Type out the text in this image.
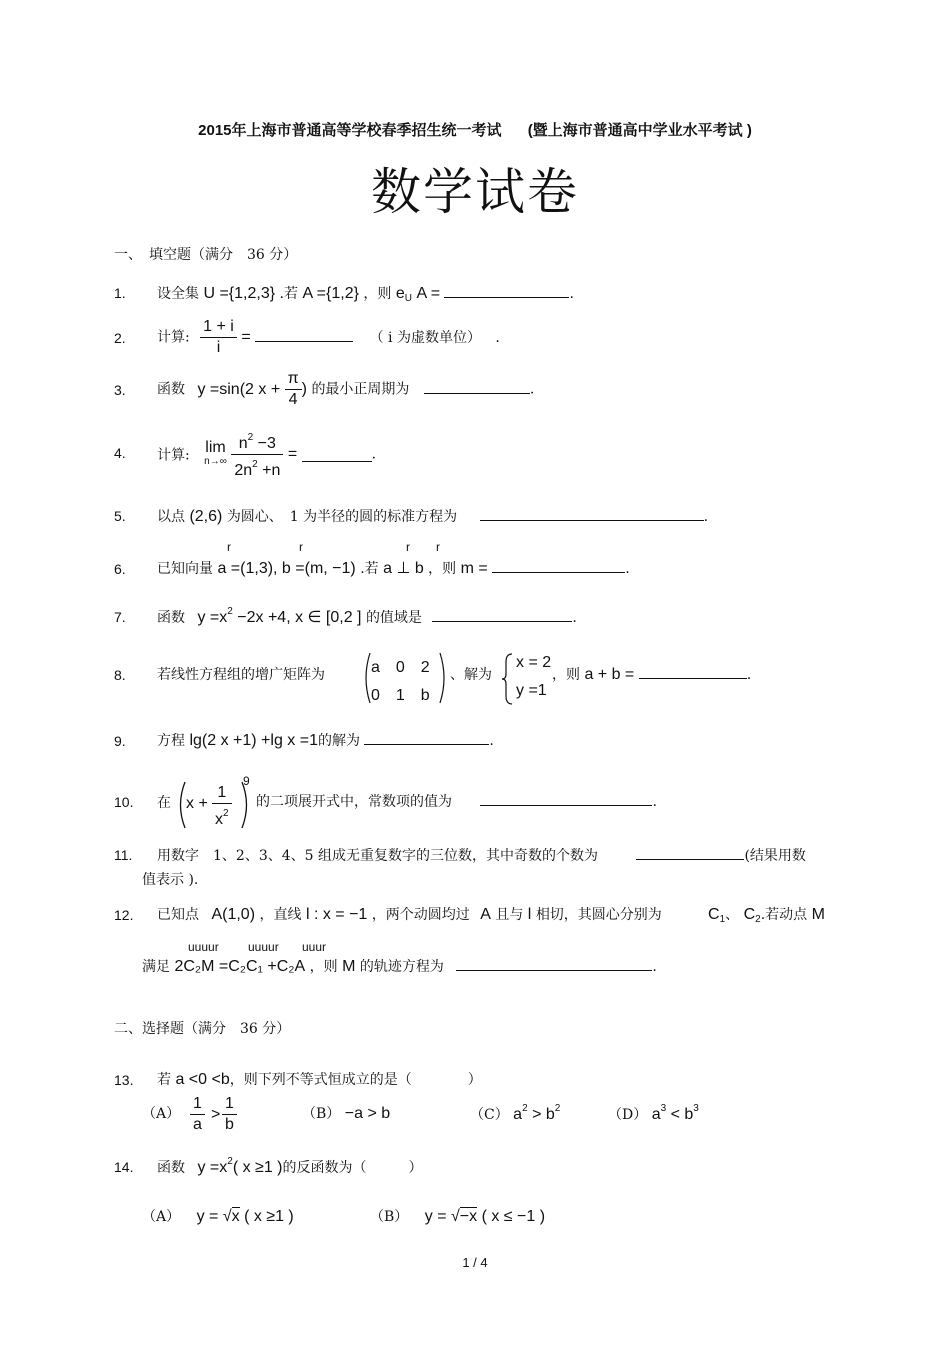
2015年上海市普通高等学校春季招生统一考试 (暨上海市普通高中学业水平考试 )
数学试卷
一、　填空题（满分　36 分）
1. 设全集 U ={1,2,3} .若 A ={1,2} ，则 $e_U$ A =	.
2. 计算: $\frac{1 + i}{i}$ =	（ i 为虚数单位） .
3. 函数 y =sin(2 $x + \frac{\pi}{4}$ ) 的最小正周期为	.
4. 计算: lim
n→∞
$\frac{n^2 -3}{2n^2 +n}$ =	.
5. 以点 (2,6) 为圆心、　1 为半径的圆的标准方程为	.
6.
r	r	r r
已知向量 a =(1,3), b =(m, −1) .若 a ⊥ b ，则 m =	.
7. 函数 $y =x^2 -2x +4$, x ∈ [0,2 ] 的值域是	.
8. 若线性方程组的增广矩阵为	a　0　2
0　1　b
、解为
x = 2
y =1
，则 a + b =	.
9. 方程 lg(2 x +1) +lg x =1的解为	.
10. 在 $x + \frac{1}{x^2}$
9
的二项展开式中，常数项的值为	.
11. 用数字　1、2、3、4、5 组成无重复数字的三位数，其中奇数的个数为	(结果用数
值表示 ).
12. 已知点 A(1,0) ，直线 l : x = −1 ，两个动圆均过 A 且与 l 相切，其圆心分别为	$C_1$、 $C_2$.若动点 M
uuuur uuuur uuur
满足 2C₂M =C₂C₁ +C₂A ，则 M 的轨迹方程为	.
二、选择题（满分　36 分）
13. 若 a <0 <b，则下列不等式恒成立的是（　　　　）
$(A) \frac{1}{a} > \frac{1}{b}$	（B） −a > b	（C） $a^2 > b^2$	（D） $a^3 < b^3$
14. 函数 $y =x^2$( x ≥1 )的反函数为（　　　）
（A） y = √x ( x ≥1 )	（B） y = √−x ( x ≤ −1 )
1 / 4
